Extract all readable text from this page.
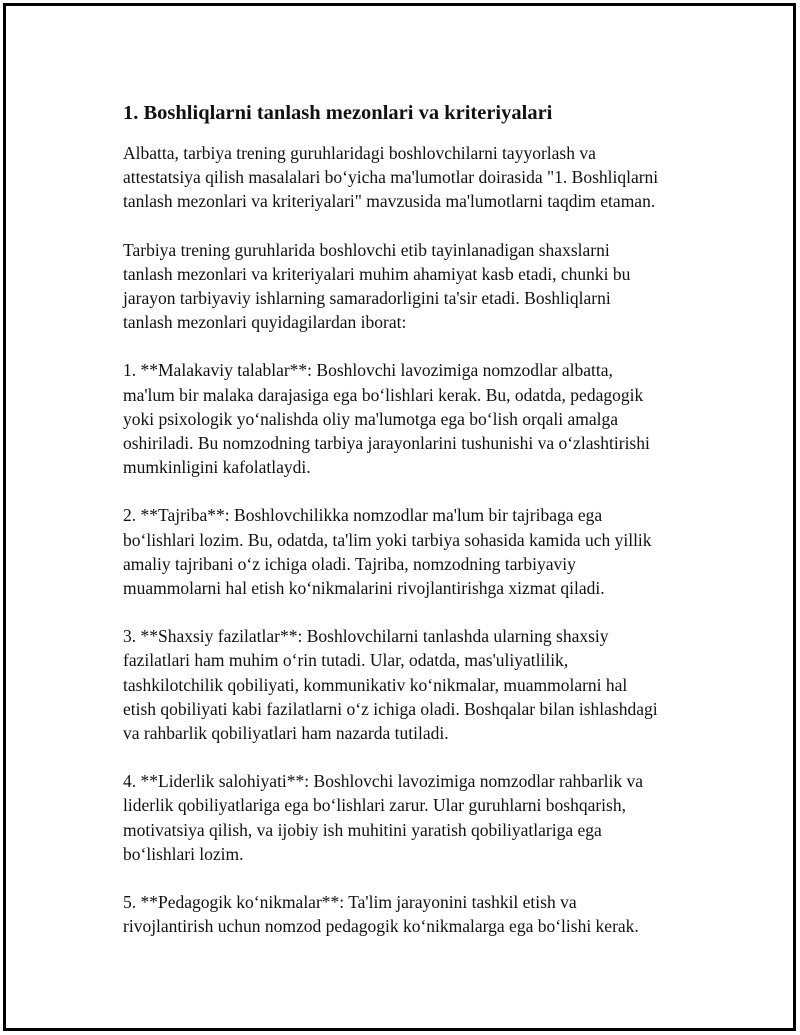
1. Boshliqlarni tanlash mezonlari va kriteriyalari

Albatta, tarbiya trening guruhlaridagi boshlovchilarni tayyorlash va
attestatsiya qilish masalalari boʻyicha ma'lumotlar doirasida "1. Boshliqlarni
tanlash mezonlari va kriteriyalari" mavzusida ma'lumotlarni taqdim etaman.

Tarbiya trening guruhlarida boshlovchi etib tayinlanadigan shaxslarni
tanlash mezonlari va kriteriyalari muhim ahamiyat kasb etadi, chunki bu
jarayon tarbiyaviy ishlarning samaradorligini ta'sir etadi. Boshliqlarni
tanlash mezonlari quyidagilardan iborat:

1. **Malakaviy talablar**: Boshlovchi lavozimiga nomzodlar albatta,
ma'lum bir malaka darajasiga ega boʻlishlari kerak. Bu, odatda, pedagogik
yoki psixologik yoʻnalishda oliy ma'lumotga ega boʻlish orqali amalga
oshiriladi. Bu nomzodning tarbiya jarayonlarini tushunishi va oʻzlashtirishi
mumkinligini kafolatlaydi.

2. **Tajriba**: Boshlovchilikka nomzodlar ma'lum bir tajribaga ega
boʻlishlari lozim. Bu, odatda, ta'lim yoki tarbiya sohasida kamida uch yillik
amaliy tajribani oʻz ichiga oladi. Tajriba, nomzodning tarbiyaviy
muammolarni hal etish koʻnikmalarini rivojlantirishga xizmat qiladi.

3. **Shaxsiy fazilatlar**: Boshlovchilarni tanlashda ularning shaxsiy
fazilatlari ham muhim oʻrin tutadi. Ular, odatda, mas'uliyatlilik,
tashkilotchilik qobiliyati, kommunikativ koʻnikmalar, muammolarni hal
etish qobiliyati kabi fazilatlarni oʻz ichiga oladi. Boshqalar bilan ishlashdagi
va rahbarlik qobiliyatlari ham nazarda tutiladi.

4. **Liderlik salohiyati**: Boshlovchi lavozimiga nomzodlar rahbarlik va
liderlik qobiliyatlariga ega boʻlishlari zarur. Ular guruhlarni boshqarish,
motivatsiya qilish, va ijobiy ish muhitini yaratish qobiliyatlariga ega
boʻlishlari lozim.

5. **Pedagogik koʻnikmalar**: Ta'lim jarayonini tashkil etish va
rivojlantirish uchun nomzod pedagogik koʻnikmalarga ega boʻlishi kerak.
